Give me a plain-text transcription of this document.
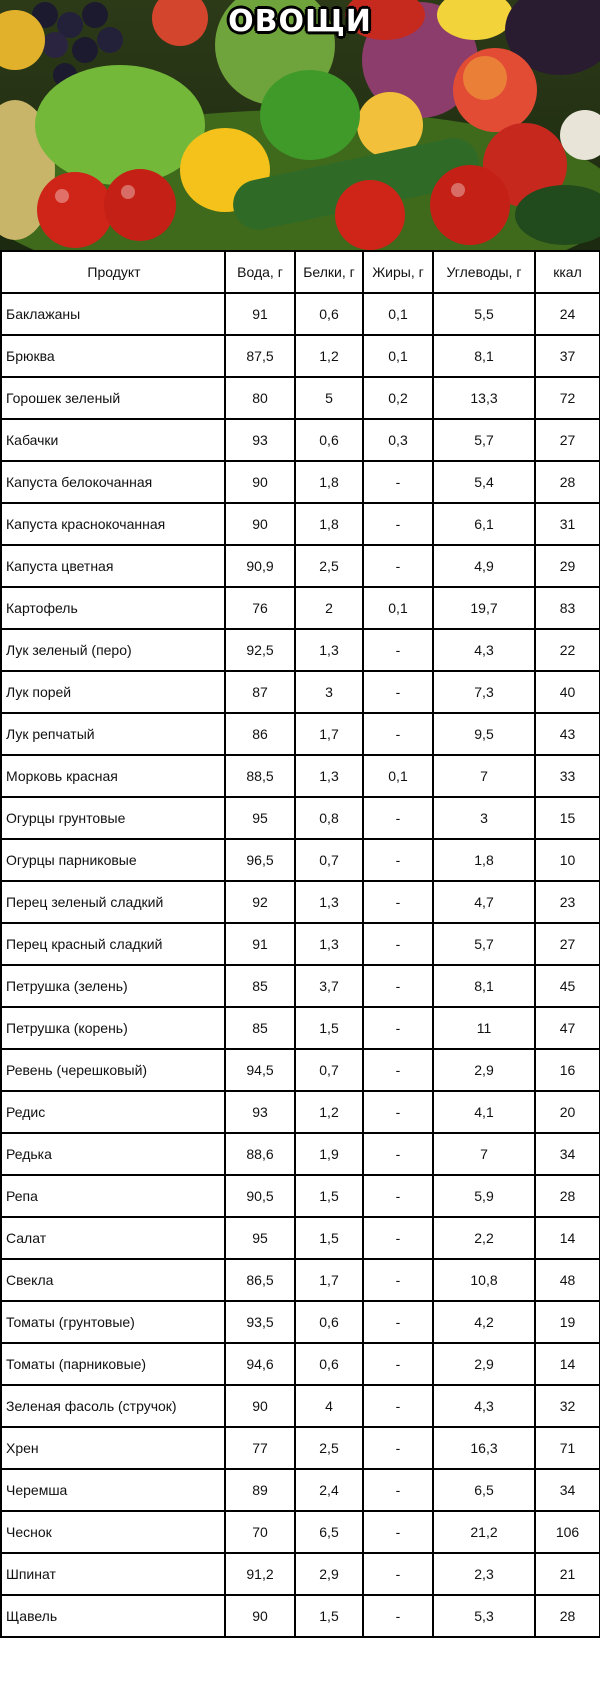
ОВОЩИ
Продукт	Вода, г	Белки, г	Жиры, г	Углеводы, г	ккал
Баклажаны	91	0,6	0,1	5,5	24
Брюква	87,5	1,2	0,1	8,1	37
Горошек зеленый	80	5	0,2	13,3	72
Кабачки	93	0,6	0,3	5,7	27
Капуста белокочанная	90	1,8	-	5,4	28
Капуста краснокочанная	90	1,8	-	6,1	31
Капуста цветная	90,9	2,5	-	4,9	29
Картофель	76	2	0,1	19,7	83
Лук зеленый (перо)	92,5	1,3	-	4,3	22
Лук порей	87	3	-	7,3	40
Лук репчатый	86	1,7	-	9,5	43
Морковь красная	88,5	1,3	0,1	7	33
Огурцы грунтовые	95	0,8	-	3	15
Огурцы парниковые	96,5	0,7	-	1,8	10
Перец зеленый сладкий	92	1,3	-	4,7	23
Перец красный сладкий	91	1,3	-	5,7	27
Петрушка (зелень)	85	3,7	-	8,1	45
Петрушка (корень)	85	1,5	-	11	47
Ревень (черешковый)	94,5	0,7	-	2,9	16
Редис	93	1,2	-	4,1	20
Редька	88,6	1,9	-	7	34
Репа	90,5	1,5	-	5,9	28
Салат	95	1,5	-	2,2	14
Свекла	86,5	1,7	-	10,8	48
Томаты (грунтовые)	93,5	0,6	-	4,2	19
Томаты (парниковые)	94,6	0,6	-	2,9	14
Зеленая фасоль (стручок)	90	4	-	4,3	32
Хрен	77	2,5	-	16,3	71
Черемша	89	2,4	-	6,5	34
Чеснок	70	6,5	-	21,2	106
Шпинат	91,2	2,9	-	2,3	21
Щавель	90	1,5	-	5,3	28
